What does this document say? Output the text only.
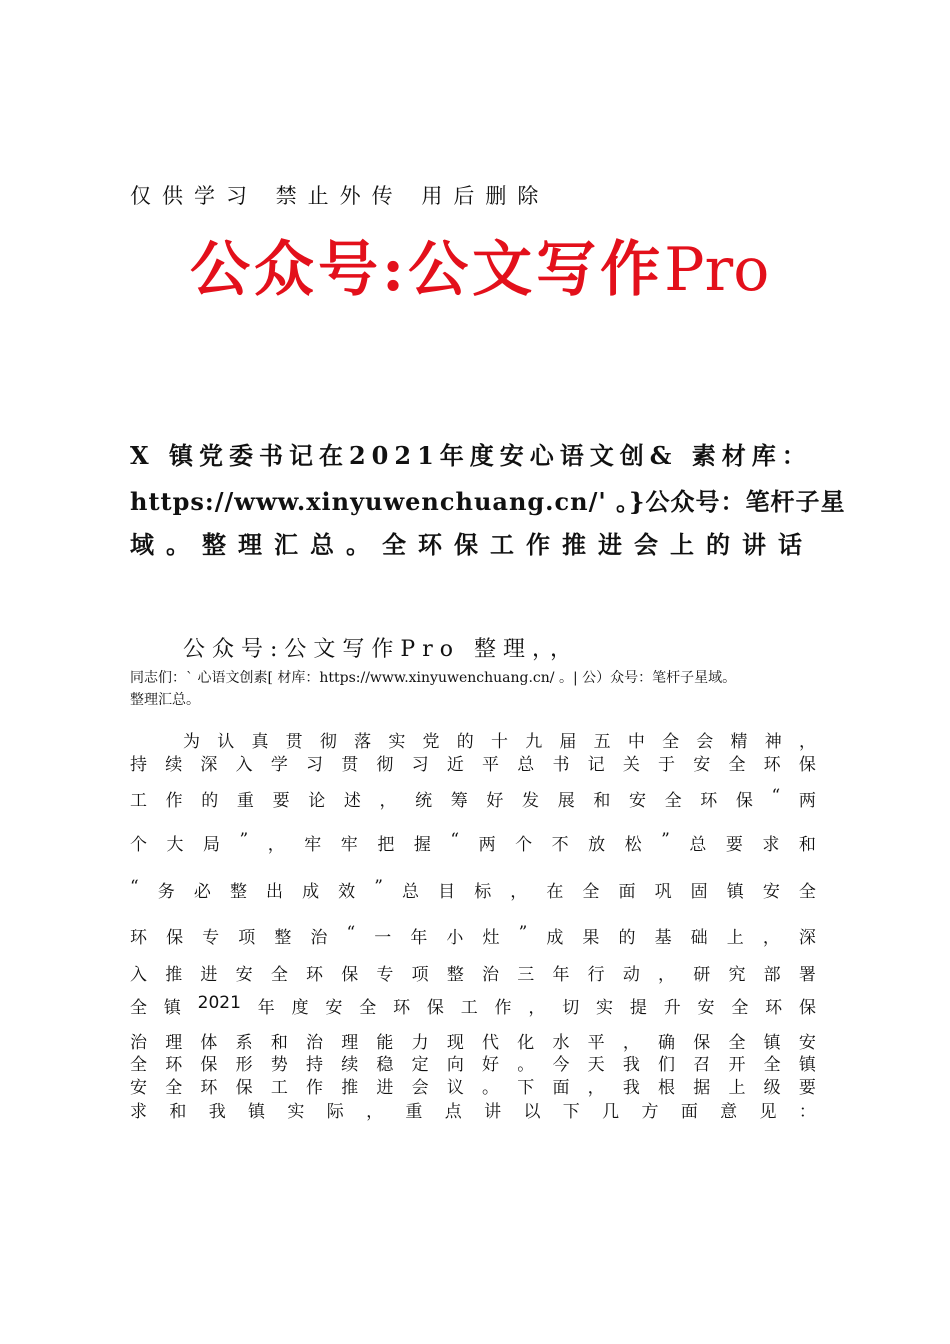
仅供学习 禁止外传 用后删除
公众号:公文写作Pro
X 镇党委书记在2021年度安心语文创& 素材库：
https://www.xinyuwenchuang.cn/' 。}公众号：笔杆子星
域。整理汇总。全环保工作推进会上的讲话
公众号:公文写作Pro 整理，，
同志们：` 心语文创素[ 材库：https://www.xinyuwenchuang.cn/ 。| 公）众号：笔杆子星域。
整理汇总。
为 认 真 贯 彻 落 实 党 的 十 九 届 五 中 全 会 精 神 ，
持 续 深 入 学 习 贯 彻 习 近 平 总 书 记 关 于 安 全 环 保
工 作 的 重 要 论 述 ， 统 筹 好 发 展 和 安 全 环 保 “ 两
个 大 局 ” ， 牢 牢 把 握 “ 两 个 不 放 松 ” 总 要 求 和
“ 务 必 整 出 成 效 ” 总 目 标 ， 在 全 面 巩 固 镇 安 全
环 保 专 项 整 治 “ 一 年 小 灶 ” 成 果 的 基 础 上 ， 深
入 推 进 安 全 环 保 专 项 整 治 三 年 行 动 ， 研 究 部 署
全 镇 2021 年 度 安 全 环 保 工 作 ， 切 实 提 升 安 全 环 保
治 理 体 系 和 治 理 能 力 现 代 化 水 平 ， 确 保 全 镇 安
全 环 保 形 势 持 续 稳 定 向 好 。 今 天 我 们 召 开 全 镇
安 全 环 保 工 作 推 进 会 议 。 下 面 ， 我 根 据 上 级 要
求 和 我 镇 实 际 ， 重 点 讲 以 下 几 方 面 意 见 ：
